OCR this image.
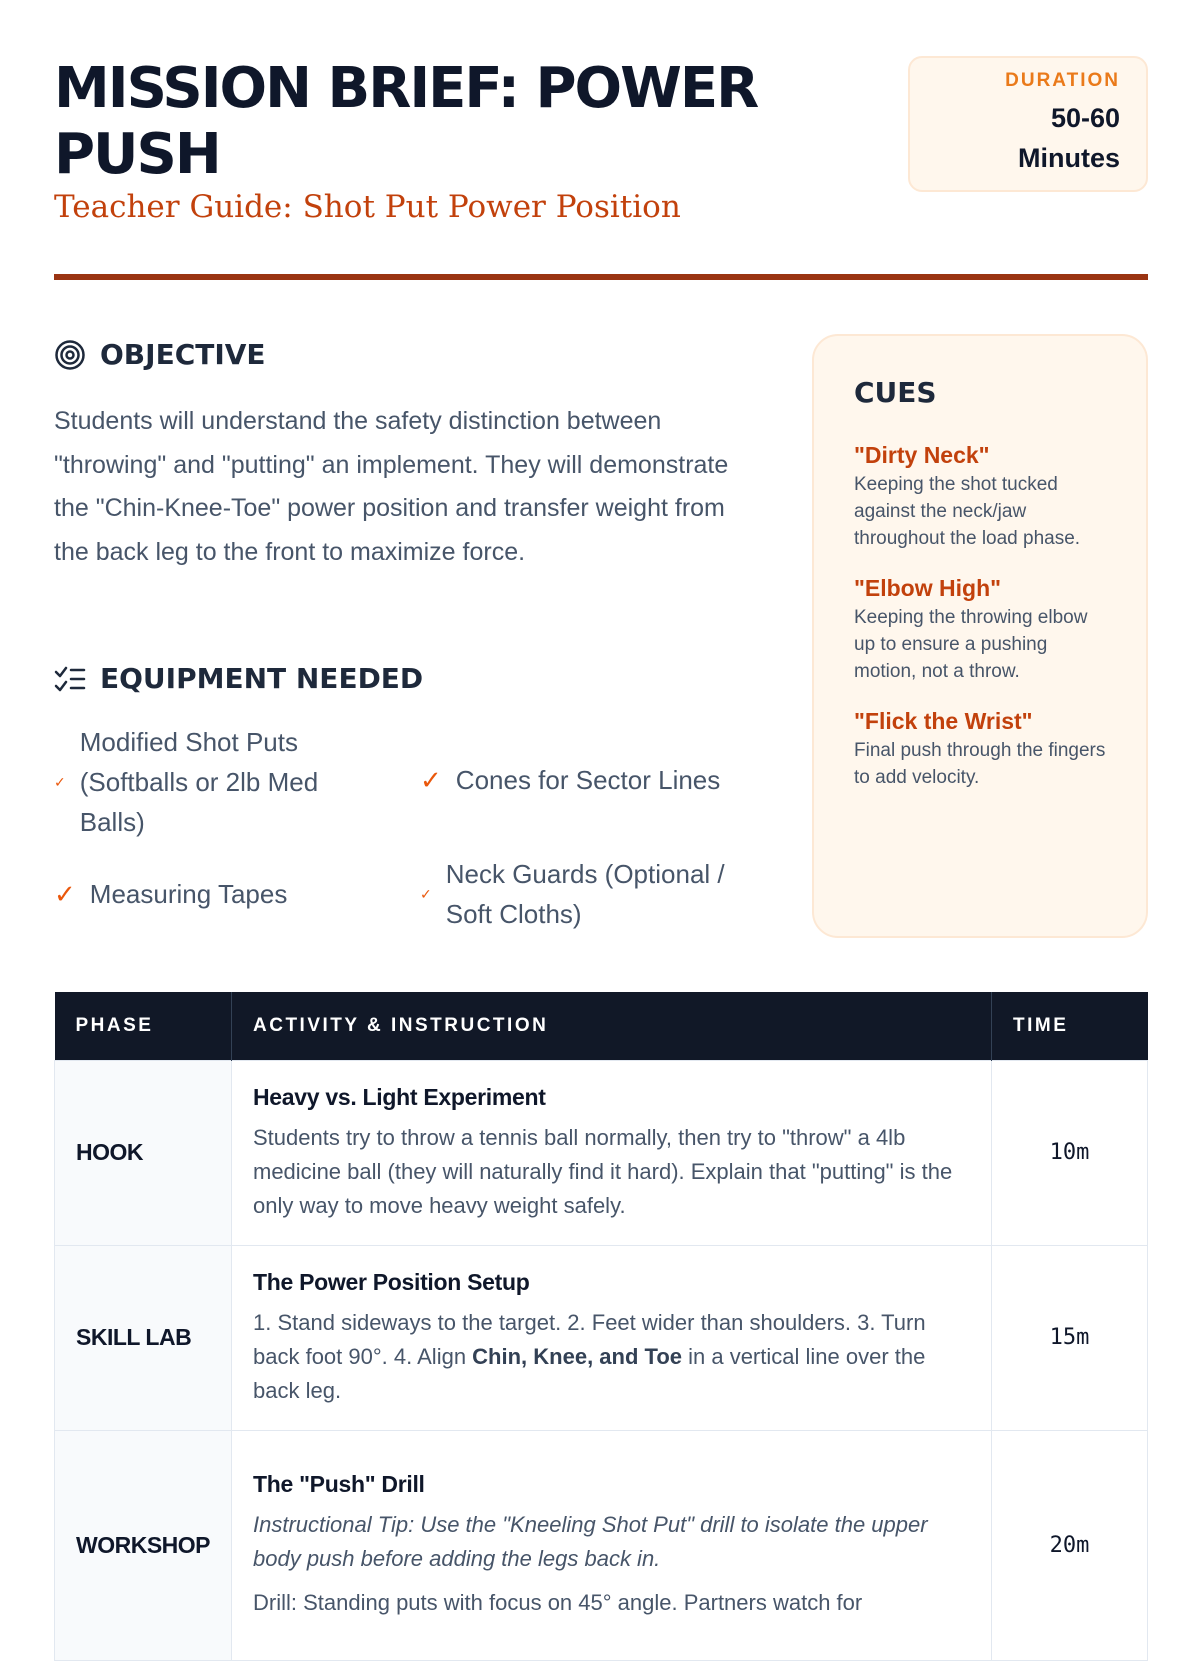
MISSION BRIEF: POWER PUSH
Teacher Guide: Shot Put Power Position
DURATION
50-60
Minutes
OBJECTIVE

Students will understand the safety distinction between "throwing" and "putting" an implement. They will demonstrate the "Chin-Knee-Toe" power position and transfer weight from the back leg to the front to maximize force.

EQUIPMENT NEEDED
✓
Modified Shot Puts (Softballs or 2lb Med Balls)
✓ Cones for Sector Lines
✓ Measuring Tapes	✓
Neck Guards (Optional / Soft Cloths)
CUES
"Dirty Neck"
Keeping the shot tucked against the neck/jaw throughout the load phase.
"Elbow High"
Keeping the throwing elbow up to ensure a pushing motion, not a throw.
"Flick the Wrist"
Final push through the fingers to add velocity.
PHASE	ACTIVITY & INSTRUCTION	TIME
HOOK	Heavy vs. Light Experiment
Students try to throw a tennis ball normally, then try to "throw" a 4lb medicine ball (they will naturally find it hard). Explain that "putting" is the only way to move heavy weight safely.	10m
SKILL LAB	The Power Position Setup
1. Stand sideways to the target. 2. Feet wider than shoulders. 3. Turn back foot 90°. 4. Align Chin, Knee, and Toe in a vertical line over the back leg.	15m
WORKSHOP	The "Push" Drill
Instructional Tip: Use the "Kneeling Shot Put" drill to isolate the upper body push before adding the legs back in.
Drill: Standing puts with focus on 45° angle. Partners watch for	20m
